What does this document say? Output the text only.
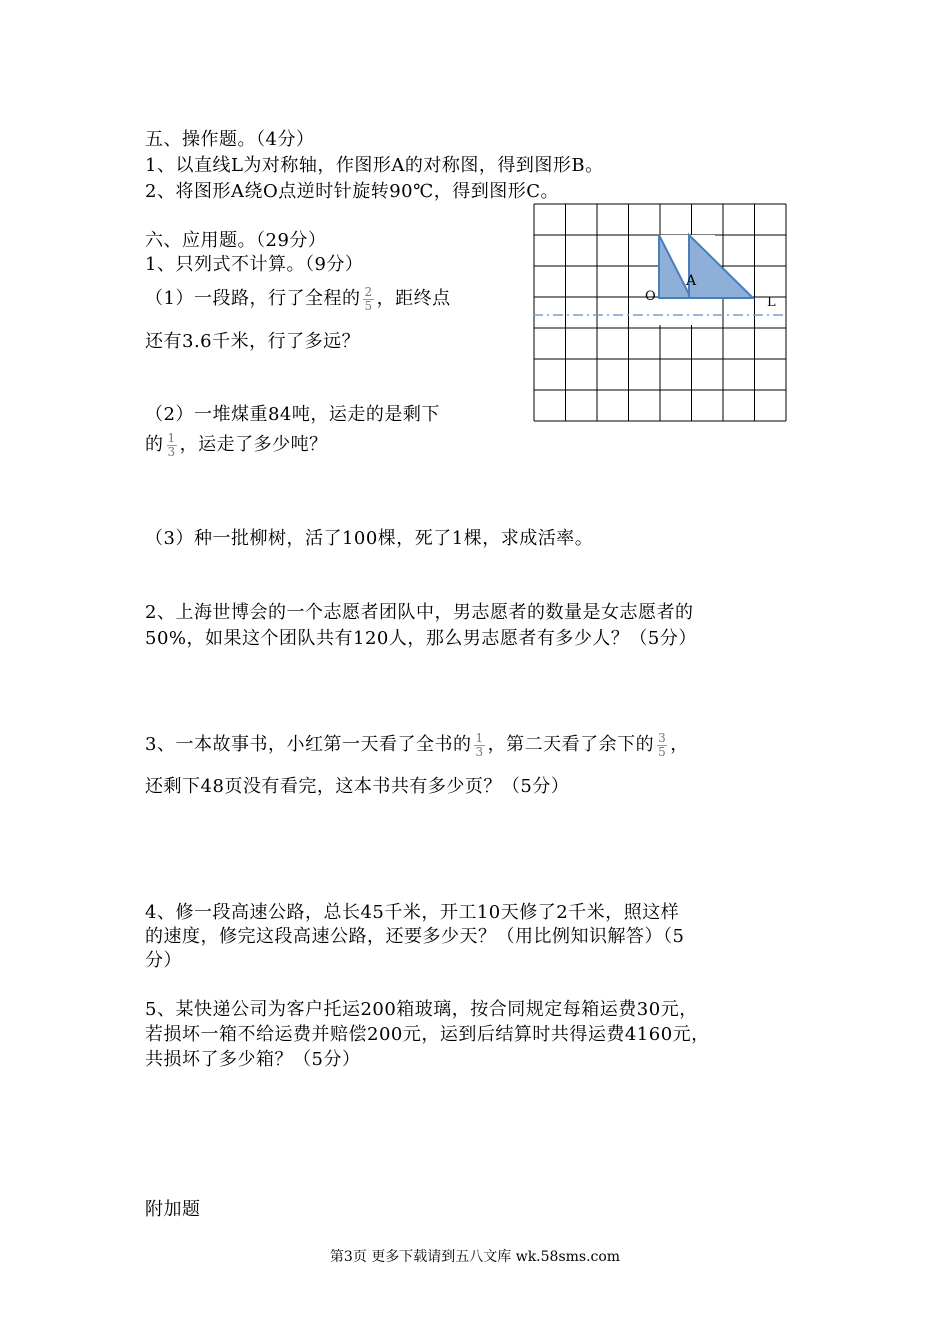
五、操作题。（4分）
1、以直线L为对称轴，作图形A的对称图，得到图形B。
2、将图形A绕O点逆时针旋转90℃，得到图形C。
A
O	L
六、应用题。（29分）
1、只列式不计算。（9分）
（1）一段路，行了全程的 $\frac{2}{5}$ ，距终点
还有3.6千米，行了多远？
（2）一堆煤重84吨，运走的是剩下
的 $\frac{1}{3}$ ，运走了多少吨？
（3）种一批柳树，活了100棵，死了1棵，求成活率。
2、上海世博会的一个志愿者团队中，男志愿者的数量是女志愿者的
50%，如果这个团队共有120人，那么男志愿者有多少人？（5分）
3、一本故事书，小红第一天看了全书的 $\frac{1}{3}$ ，第二天看了余下的 $\frac{3}{5}$ ，
还剩下48页没有看完，这本书共有多少页？（5分）
4、修一段高速公路，总长45千米，开工10天修了2千米，照这样
的速度，修完这段高速公路，还要多少天？（用比例知识解答）（5
分）
5、某快递公司为客户托运200箱玻璃，按合同规定每箱运费30元，
若损坏一箱不给运费并赔偿200元，运到后结算时共得运费4160元，
共损坏了多少箱？（5分）
附加题
第3页 更多下载请到五八文库 wk.58sms.com
